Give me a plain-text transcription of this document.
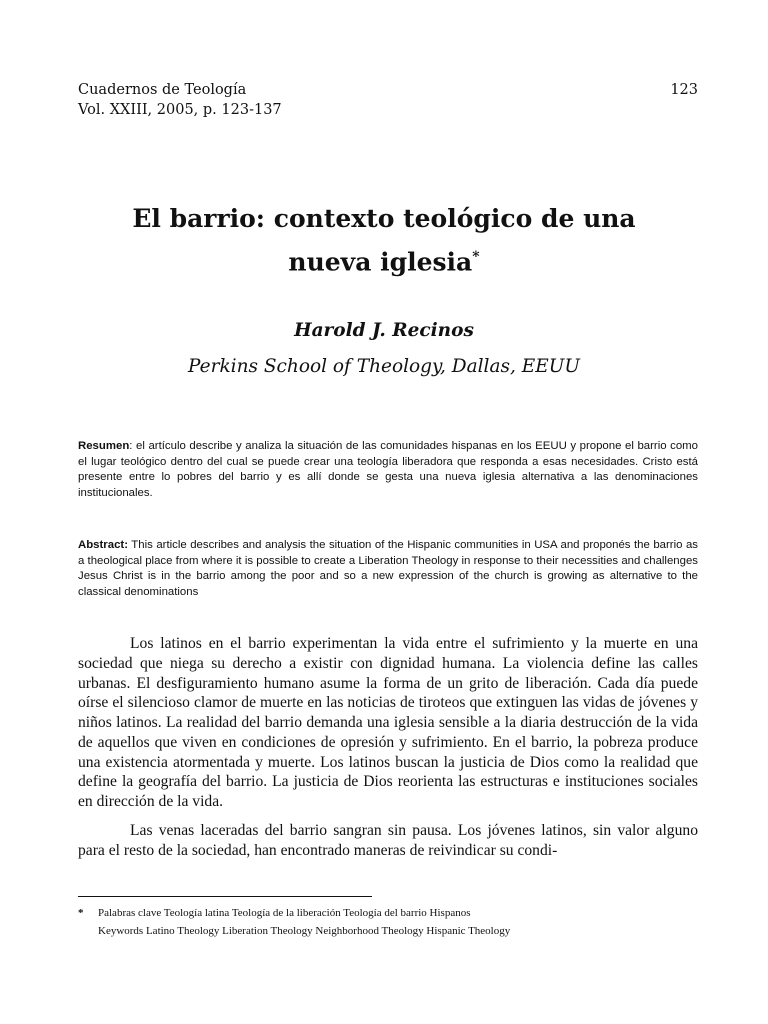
Cuadernos de Teología
Vol. XXIII, 2005, p. 123-137
123
El barrio: contexto teológico de una
nueva iglesia*
Harold J. Recinos
Perkins School of Theology, Dallas, EEUU
Resumen: el artículo describe y analiza la situación de las comunidades hispanas en los EEUU y propone el barrio como el lugar teológico dentro del cual se puede crear una teología liberadora que responda a esas necesidades. Cristo está presente entre lo pobres del barrio y es allí donde se gesta una nueva iglesia alternativa a las denominaciones institucionales.
Abstract: This article describes and analysis the situation of the Hispanic communities in USA and proponés the barrio as a theological place from where it is possible to create a Liberation Theology in response to their necessities and challenges Jesus Christ is in the barrio among the poor and so a new expression of the church is growing as alternative to the classical denominations

Los latinos en el barrio experimentan la vida entre el sufrimiento y la muerte en una sociedad que niega su derecho a existir con dignidad humana. La violencia define las calles urbanas. El desfiguramiento humano asume la forma de un grito de liberación. Cada día puede oírse el silencioso clamor de muerte en las noticias de tiroteos que extinguen las vidas de jóvenes y niños latinos. La realidad del barrio demanda una iglesia sensible a la diaria destrucción de la vida de aquellos que viven en condiciones de opresión y sufrimiento. En el barrio, la pobreza produce una existencia atormentada y muerte. Los latinos buscan la justicia de Dios como la realidad que define la geografía del barrio. La justicia de Dios reorienta las estructuras e instituciones sociales en dirección de la vida.

Las venas laceradas del barrio sangran sin pausa. Los jóvenes latinos, sin valor alguno para el resto de la sociedad, han encontrado maneras de reivindicar su condi-

*	Palabras clave Teología latina Teología de la liberación Teología del barrio Hispanos
Keywords Latino Theology Liberation Theology Neighborhood Theology Hispanic Theology
